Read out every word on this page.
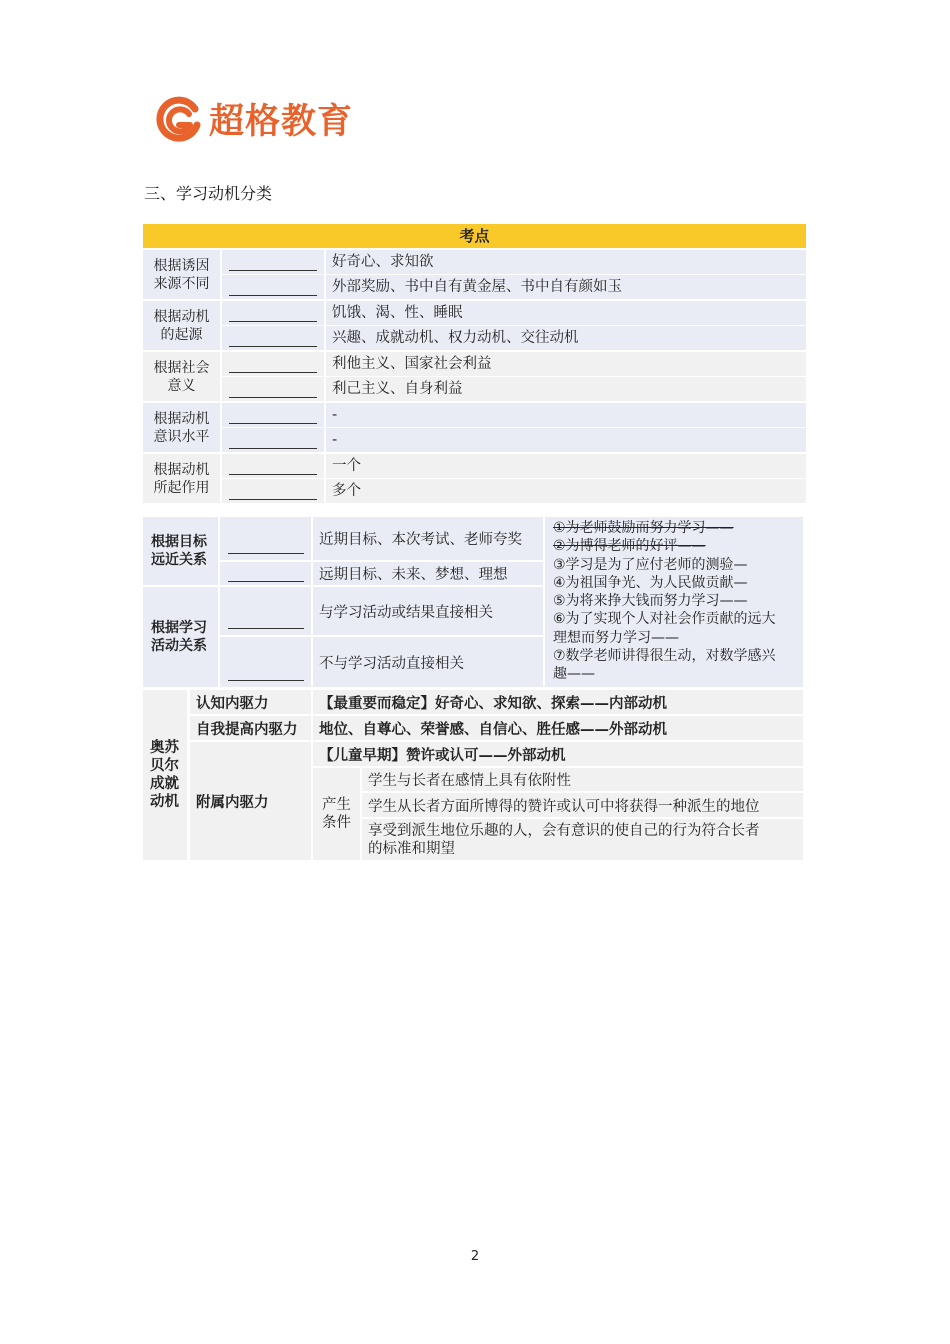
超格教育
三、学习动机分类
考点
根据诱因
来源不同
好奇心、求知欲
外部奖励、书中自有黄金屋、书中自有颜如玉
根据动机
的起源
饥饿、渴、性、睡眠
兴趣、成就动机、权力动机、交往动机
根据社会
意义
利他主义、国家社会利益
利己主义、自身利益
根据动机
意识水平
-
-
根据动机
所起作用
一个
多个
根据目标
远近关系
根据学习
活动关系
近期目标、本次考试、老师夸奖
远期目标、未来、梦想、理想
与学习活动或结果直接相关
不与学习活动直接相关
①为老师鼓励而努力学习——
②为博得老师的好评——
③学习是为了应付老师的测验—
④为祖国争光、为人民做贡献—
⑤为将来挣大钱而努力学习——
⑥为了实现个人对社会作贡献的远大
理想而努力学习——
⑦数学老师讲得很生动，对数学感兴
趣——
奥苏
贝尔
成就
动机
认知内驱力	【最重要而稳定】好奇心、求知欲、探索——内部动机
自我提高内驱力	地位、自尊心、荣誉感、自信心、胜任感——外部动机
附属内驱力
【儿童早期】赞许或认可——外部动机
产生
条件
学生与长者在感情上具有依附性
学生从长者方面所博得的赞许或认可中将获得一种派生的地位
享受到派生地位乐趣的人，会有意识的使自己的行为符合长者
的标准和期望
2
